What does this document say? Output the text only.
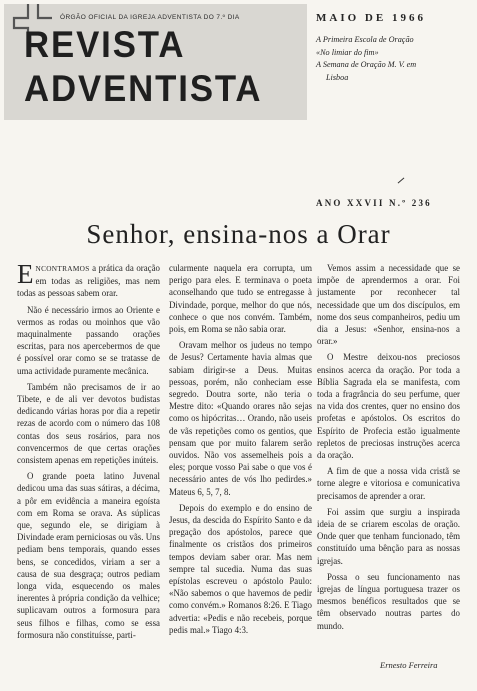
ÓRGÃO OFICIAL DA IGREJA ADVENTISTA DO 7.º DIA
REVISTA
ADVENTISTA
MAIO DE 1966
A Primeira Escola de Oração
«No limiar do fim»
A Semana de Oração M. V. em
Lisboa
ANO XXVII N.º 236
Senhor, ensina-nos a Orar

ENCONTRAMOS a prática da oração em todas as religiões, mas nem todas as pessoas sabem orar.

Não é necessário irmos ao Oriente e vermos as rodas ou moinhos que vão maquinalmente passando orações escritas, para nos apercebermos de que é possível orar como se se tratasse de uma actividade puramente mecânica.

Também não precisamos de ir ao Tibete, e de ali ver devotos budistas dedicando várias horas por dia a repetir rezas de acordo com o número das 108 contas dos seus rosários, para nos convencermos de que certas orações consistem apenas em repetições inúteis.

O grande poeta latino Juvenal dedicou uma das suas sátiras, a décima, a pôr em evidência a maneira egoísta com em Roma se orava. As súplicas que, segundo ele, se dirigiam à Divindade eram perniciosas ou vãs. Uns pediam bens temporais, quando esses bens, se concedidos, viriam a ser a causa de sua desgraça; outros pediam longa vida, esquecendo os males inerentes à própria condição da velhice; suplicavam outros a formosura para seus filhos e filhas, como se essa formosura não constituísse, parti-

cularmente naquela era corrupta, um perigo para eles. E terminava o poeta aconselhando que tudo se entregasse à Divindade, porque, melhor do que nós, conhece o que nos convém. Também, pois, em Roma se não sabia orar.

Oravam melhor os judeus no tempo de Jesus? Certamente havia almas que sabiam dirigir-se a Deus. Muitas pessoas, porém, não conheciam esse segredo. Doutra sorte, não teria o Mestre dito: «Quando orares não sejas como os hipócritas… Orando, não useis de vãs repetições como os gentios, que pensam que por muito falarem serão ouvidos. Não vos assemelheis pois a eles; porque vosso Pai sabe o que vos é necessário antes de vós lho pedirdes.» Mateus 6, 5, 7, 8.

Depois do exemplo e do ensino de Jesus, da descida do Espírito Santo e da pregação dos apóstolos, parece que finalmente os cristãos dos primeiros tempos deviam saber orar. Mas nem sempre tal sucedia. Numa das suas epístolas escreveu o apóstolo Paulo: «Não sabemos o que havemos de pedir como convém.» Romanos 8:26. E Tiago advertia: «Pedis e não recebeis, porque pedis mal.» Tiago 4:3.

Vemos assim a necessidade que se impõe de aprendermos a orar. Foi justamente por reconhecer tal necessidade que um dos discípulos, em nome dos seus companheiros, pediu um dia a Jesus: «Senhor, ensina-nos a orar.»

O Mestre deixou-nos preciosos ensinos acerca da oração. Por toda a Bíblia Sagrada ela se manifesta, com toda a fragrância do seu perfume, quer na vida dos crentes, quer no ensino dos profetas e apóstolos. Os escritos do Espírito de Profecia estão igualmente repletos de preciosas instruções acerca da oração.

A fim de que a nossa vida cristã se torne alegre e vitoriosa e comunicativa precisamos de aprender a orar.

Foi assim que surgiu a inspirada ideia de se criarem escolas de oração. Onde quer que tenham funcionado, têm constituído uma bênção para as nossas igrejas.

Possa o seu funcionamento nas igrejas de língua portuguesa trazer os mesmos benéficos resultados que se têm observado noutras partes do mundo.

Ernesto Ferreira
